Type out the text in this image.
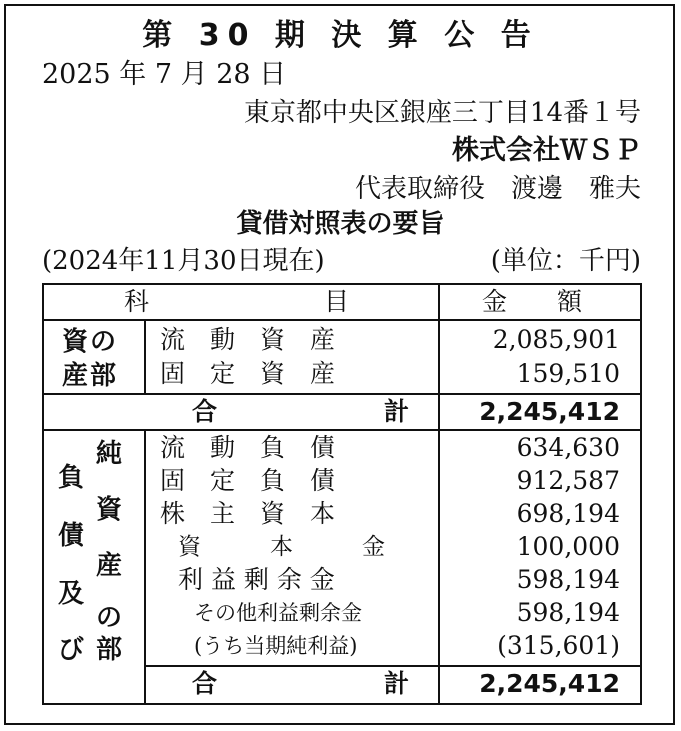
第 30 期 決 算 公 告
2025 年 7 月 28 日
東京都中央区銀座三丁目14番１号
株式会社ＷＳＰ
代表取締役　渡邊　雅夫
貸借対照表の要旨
(2024年11月30日現在)	(単位：千円)
科	目	金　　額
資の
産部
流　動　資　産	2,085,901
固　定　資　産	159,510
合	計	2,245,412
負
債
及
び
純
資
産
の
部
流　動　負　債	634,630
固　定　負　債	912,587
株　主　資　本	698,194
資　　　本　　　金	100,000
利 益 剰 余 金	598,194
その他利益剰余金	598,194
(うち当期純利益)	(315,601)
合	計	2,245,412
